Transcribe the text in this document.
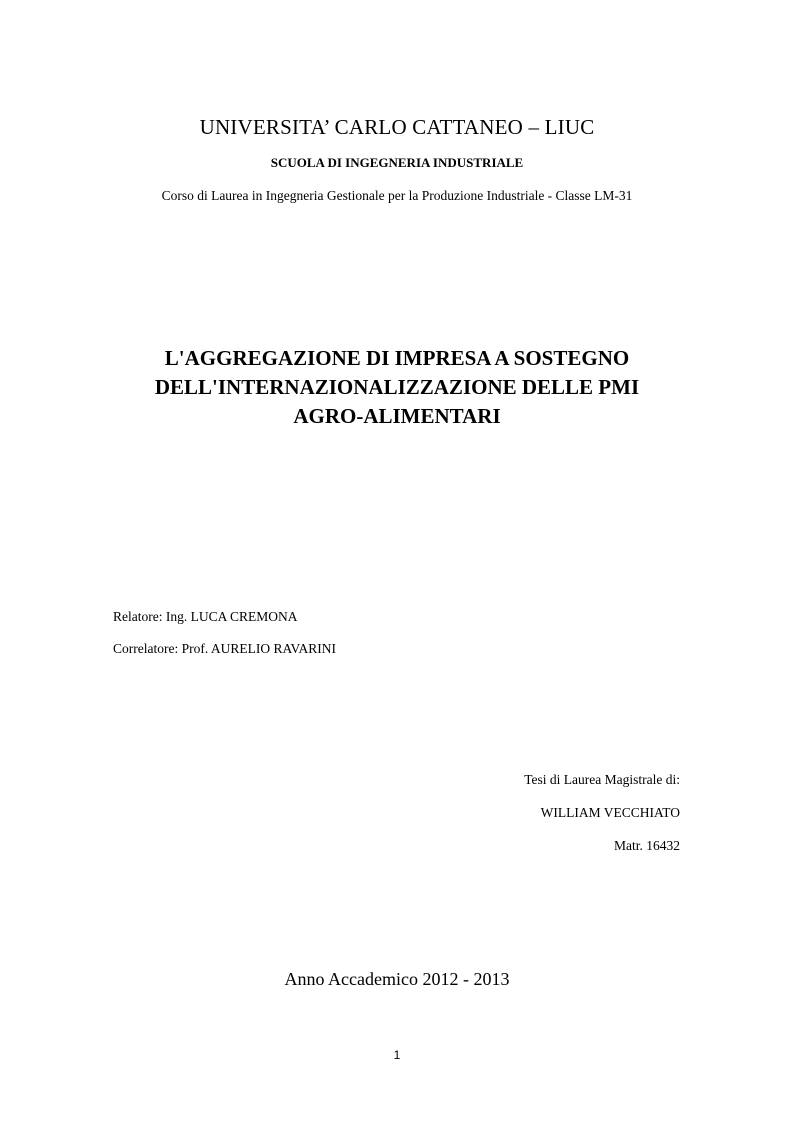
UNIVERSITA’ CARLO CATTANEO – LIUC
SCUOLA DI INGEGNERIA INDUSTRIALE
Corso di Laurea in Ingegneria Gestionale per la Produzione Industriale - Classe LM-31
L'AGGREGAZIONE DI IMPRESA A SOSTEGNO
DELL'INTERNAZIONALIZZAZIONE DELLE PMI
AGRO-ALIMENTARI
Relatore: Ing. LUCA CREMONA
Correlatore: Prof. AURELIO RAVARINI
Tesi di Laurea Magistrale di:
WILLIAM VECCHIATO
Matr. 16432
Anno Accademico 2012 - 2013
1
